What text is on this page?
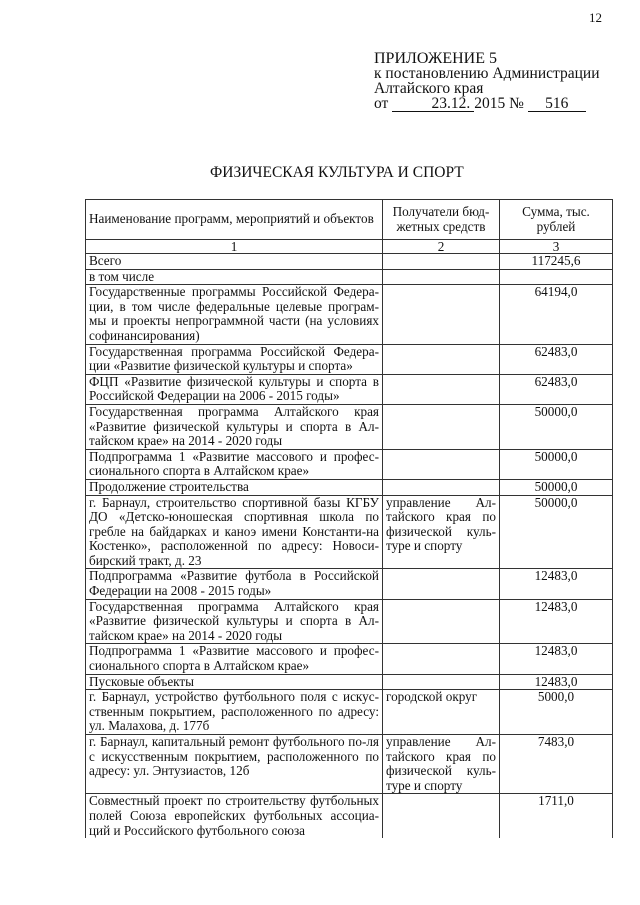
12
ПРИЛОЖЕНИЕ 5
к постановлению Администрации
Алтайского края
от	23.12. 2015 № 516
ФИЗИЧЕСКАЯ КУЛЬТУРА И СПОРТ
Наименование программ, мероприятий и объектов	Получатели бюд-жетных средств	Сумма, тыс. рублей
1	2	3
Всего		117245,6
в том числе		
Государственные программы Российской Федера-ции, в том числе федеральные целевые програм-мы и проекты непрограммной части (на условиях софинансирования)		64194,0
Государственная программа Российской Федера-ции «Развитие физической культуры и спорта»		62483,0
ФЦП «Развитие физической культуры и спорта в Российской Федерации на 2006 - 2015 годы»		62483,0
Государственная программа Алтайского края «Развитие физической культуры и спорта в Ал-тайском крае» на 2014 - 2020 годы		50000,0
Подпрограмма 1 «Развитие массового и профес-сионального спорта в Алтайском крае»		50000,0
Продолжение строительства		50000,0
г. Барнаул, строительство спортивной базы КГБУ ДО «Детско-юношеская спортивная школа по гребле на байдарках и каноэ имени Константи-на Костенко», расположенной по адресу: Новоси-бирский тракт, д. 23	управление Ал-тайского края по физической куль-туре и спорту	50000,0
Подпрограмма «Развитие футбола в Российской Федерации на 2008 - 2015 годы»		12483,0
Государственная программа Алтайского края «Развитие физической культуры и спорта в Ал-тайском крае» на 2014 - 2020 годы		12483,0
Подпрограмма 1 «Развитие массового и профес-сионального спорта в Алтайском крае»		12483,0
Пусковые объекты		12483,0
г. Барнаул, устройство футбольного поля с искус-ственным покрытием, расположенного по адресу: ул. Малахова, д. 177б	городской округ	5000,0
г. Барнаул, капитальный ремонт футбольного по-ля с искусственным покрытием, расположенного по адресу: ул. Энтузиастов, 12б	управление Ал-тайского края по физической куль-туре и спорту	7483,0
Совместный проект по строительству футбольных полей Союза европейских футбольных ассоциа-ций и Российского футбольного союза		1711,0
